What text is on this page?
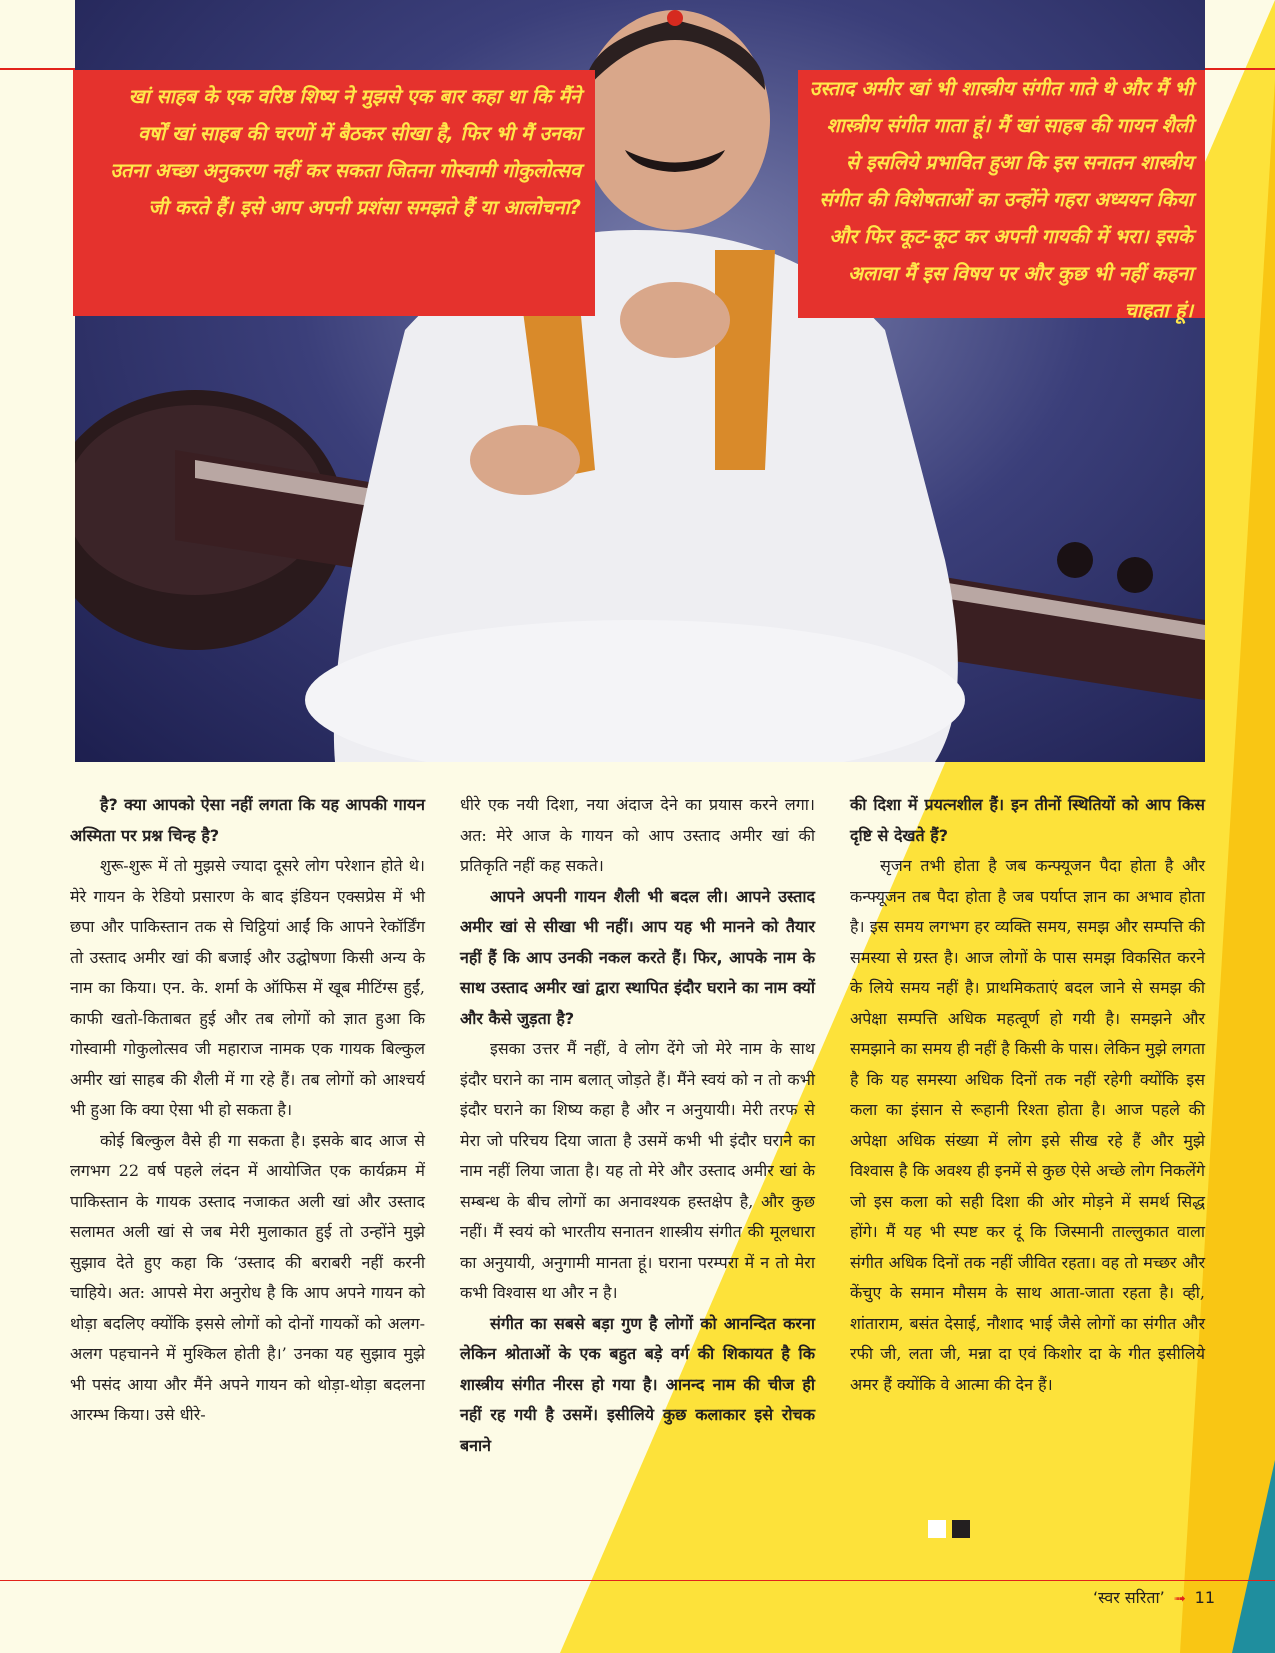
खां साहब के एक वरिष्ठ शिष्य ने मुझसे एक बार कहा था कि मैंने वर्षों खां साहब की चरणों में बैठकर सीखा है, फिर भी मैं उनका उतना अच्छा अनुकरण नहीं कर सकता जितना गोस्वामी गोकुलोत्सव जी करते हैं। इसे आप अपनी प्रशंसा समझते हैं या आलोचना?

उस्ताद अमीर खां भी शास्त्रीय संगीत गाते थे और मैं भी शास्त्रीय संगीत गाता हूं। मैं खां साहब की गायन शैली से इसलिये प्रभावित हुआ कि इस सनातन शास्त्रीय संगीत की विशेषताओं का उन्होंने गहरा अध्ययन किया और फिर कूट-कूट कर अपनी गायकी में भरा। इसके अलावा मैं इस विषय पर और कुछ भी नहीं कहना चाहता हूं।

है? क्या आपको ऐसा नहीं लगता कि यह आपकी गायन अस्मिता पर प्रश्न चिन्ह है?

शुरू-शुरू में तो मुझसे ज्यादा दूसरे लोग परेशान होते थे। मेरे गायन के रेडियो प्रसारण के बाद इंडियन एक्सप्रेस में भी छपा और पाकिस्तान तक से चिट्ठियां आईं कि आपने रेकॉर्डिंग तो उस्ताद अमीर खां की बजाई और उद्घोषणा किसी अन्य के नाम का किया। एन. के. शर्मा के ऑफिस में खूब मीटिंग्स हुईं, काफी खतो-किताबत हुई और तब लोगों को ज्ञात हुआ कि गोस्वामी गोकुलोत्सव जी महाराज नामक एक गायक बिल्कुल अमीर खां साहब की शैली में गा रहे हैं। तब लोगों को आश्चर्य भी हुआ कि क्या ऐसा भी हो सकता है।

कोई बिल्कुल वैसे ही गा सकता है। इसके बाद आज से लगभग 22 वर्ष पहले लंदन में आयोजित एक कार्यक्रम में पाकिस्तान के गायक उस्ताद नजाकत अली खां और उस्ताद सलामत अली खां से जब मेरी मुलाकात हुई तो उन्होंने मुझे सुझाव देते हुए कहा कि ‘उस्ताद की बराबरी नहीं करनी चाहिये। अत: आपसे मेरा अनुरोध है कि आप अपने गायन को थोड़ा बदलिए क्योंकि इससे लोगों को दोनों गायकों को अलग-अलग पहचानने में मुश्किल होती है।’ उनका यह सुझाव मुझे भी पसंद आया और मैंने अपने गायन को थोड़ा-थोड़ा बदलना आरम्भ किया। उसे धीरे-

धीरे एक नयी दिशा, नया अंदाज देने का प्रयास करने लगा। अत: मेरे आज के गायन को आप उस्ताद अमीर खां की प्रतिकृति नहीं कह सकते।

आपने अपनी गायन शैली भी बदल ली। आपने उस्ताद अमीर खां से सीखा भी नहीं। आप यह भी मानने को तैयार नहीं हैं कि आप उनकी नकल करते हैं। फिर, आपके नाम के साथ उस्ताद अमीर खां द्वारा स्थापित इंदौर घराने का नाम क्यों और कैसे जुड़ता है?

इसका उत्तर मैं नहीं, वे लोग देंगे जो मेरे नाम के साथ इंदौर घराने का नाम बलात् जोड़ते हैं। मैंने स्वयं को न तो कभी इंदौर घराने का शिष्य कहा है और न अनुयायी। मेरी तरफ से मेरा जो परिचय दिया जाता है उसमें कभी भी इंदौर घराने का नाम नहीं लिया जाता है। यह तो मेरे और उस्ताद अमीर खां के सम्बन्ध के बीच लोगों का अनावश्यक हस्तक्षेप है, और कुछ नहीं। मैं स्वयं को भारतीय सनातन शास्त्रीय संगीत की मूलधारा का अनुयायी, अनुगामी मानता हूं। घराना परम्परा में न तो मेरा कभी विश्वास था और न है।

संगीत का सबसे बड़ा गुण है लोगों को आनन्दित करना लेकिन श्रोताओं के एक बहुत बड़े वर्ग की शिकायत है कि शास्त्रीय संगीत नीरस हो गया है। आनन्द नाम की चीज ही नहीं रह गयी है उसमें। इसीलिये कुछ कलाकार इसे रोचक बनाने

की दिशा में प्रयत्नशील हैं। इन तीनों स्थितियों को आप किस दृष्टि से देखते हैं?

सृजन तभी होता है जब कन्फ्यूजन पैदा होता है और कन्फ्यूजन तब पैदा होता है जब पर्याप्त ज्ञान का अभाव होता है। इस समय लगभग हर व्यक्ति समय, समझ और सम्पत्ति की समस्या से ग्रस्त है। आज लोगों के पास समझ विकसित करने के लिये समय नहीं है। प्राथमिकताएं बदल जाने से समझ की अपेक्षा सम्पत्ति अधिक महत्वूर्ण हो गयी है। समझने और समझाने का समय ही नहीं है किसी के पास। लेकिन मुझे लगता है कि यह समस्या अधिक दिनों तक नहीं रहेगी क्योंकि इस कला का इंसान से रूहानी रिश्ता होता है। आज पहले की अपेक्षा अधिक संख्या में लोग इसे सीख रहे हैं और मुझे विश्वास है कि अवश्य ही इनमें से कुछ ऐसे अच्छे लोग निकलेंगे जो इस कला को सही दिशा की ओर मोड़ने में समर्थ सिद्ध होंगे। मैं यह भी स्पष्ट कर दूं कि जिस्मानी ताल्लुकात वाला संगीत अधिक दिनों तक नहीं जीवित रहता। वह तो मच्छर और केंचुए के समान मौसम के साथ आता-जाता रहता है। व्ही, शांताराम, बसंत देसाई, नौशाद भाई जैसे लोगों का संगीत और रफी जी, लता जी, मन्ना दा एवं किशोर दा के गीत इसीलिये अमर हैं क्योंकि वे आत्मा की देन हैं।

‘स्वर सरिता’ ➟ 11
